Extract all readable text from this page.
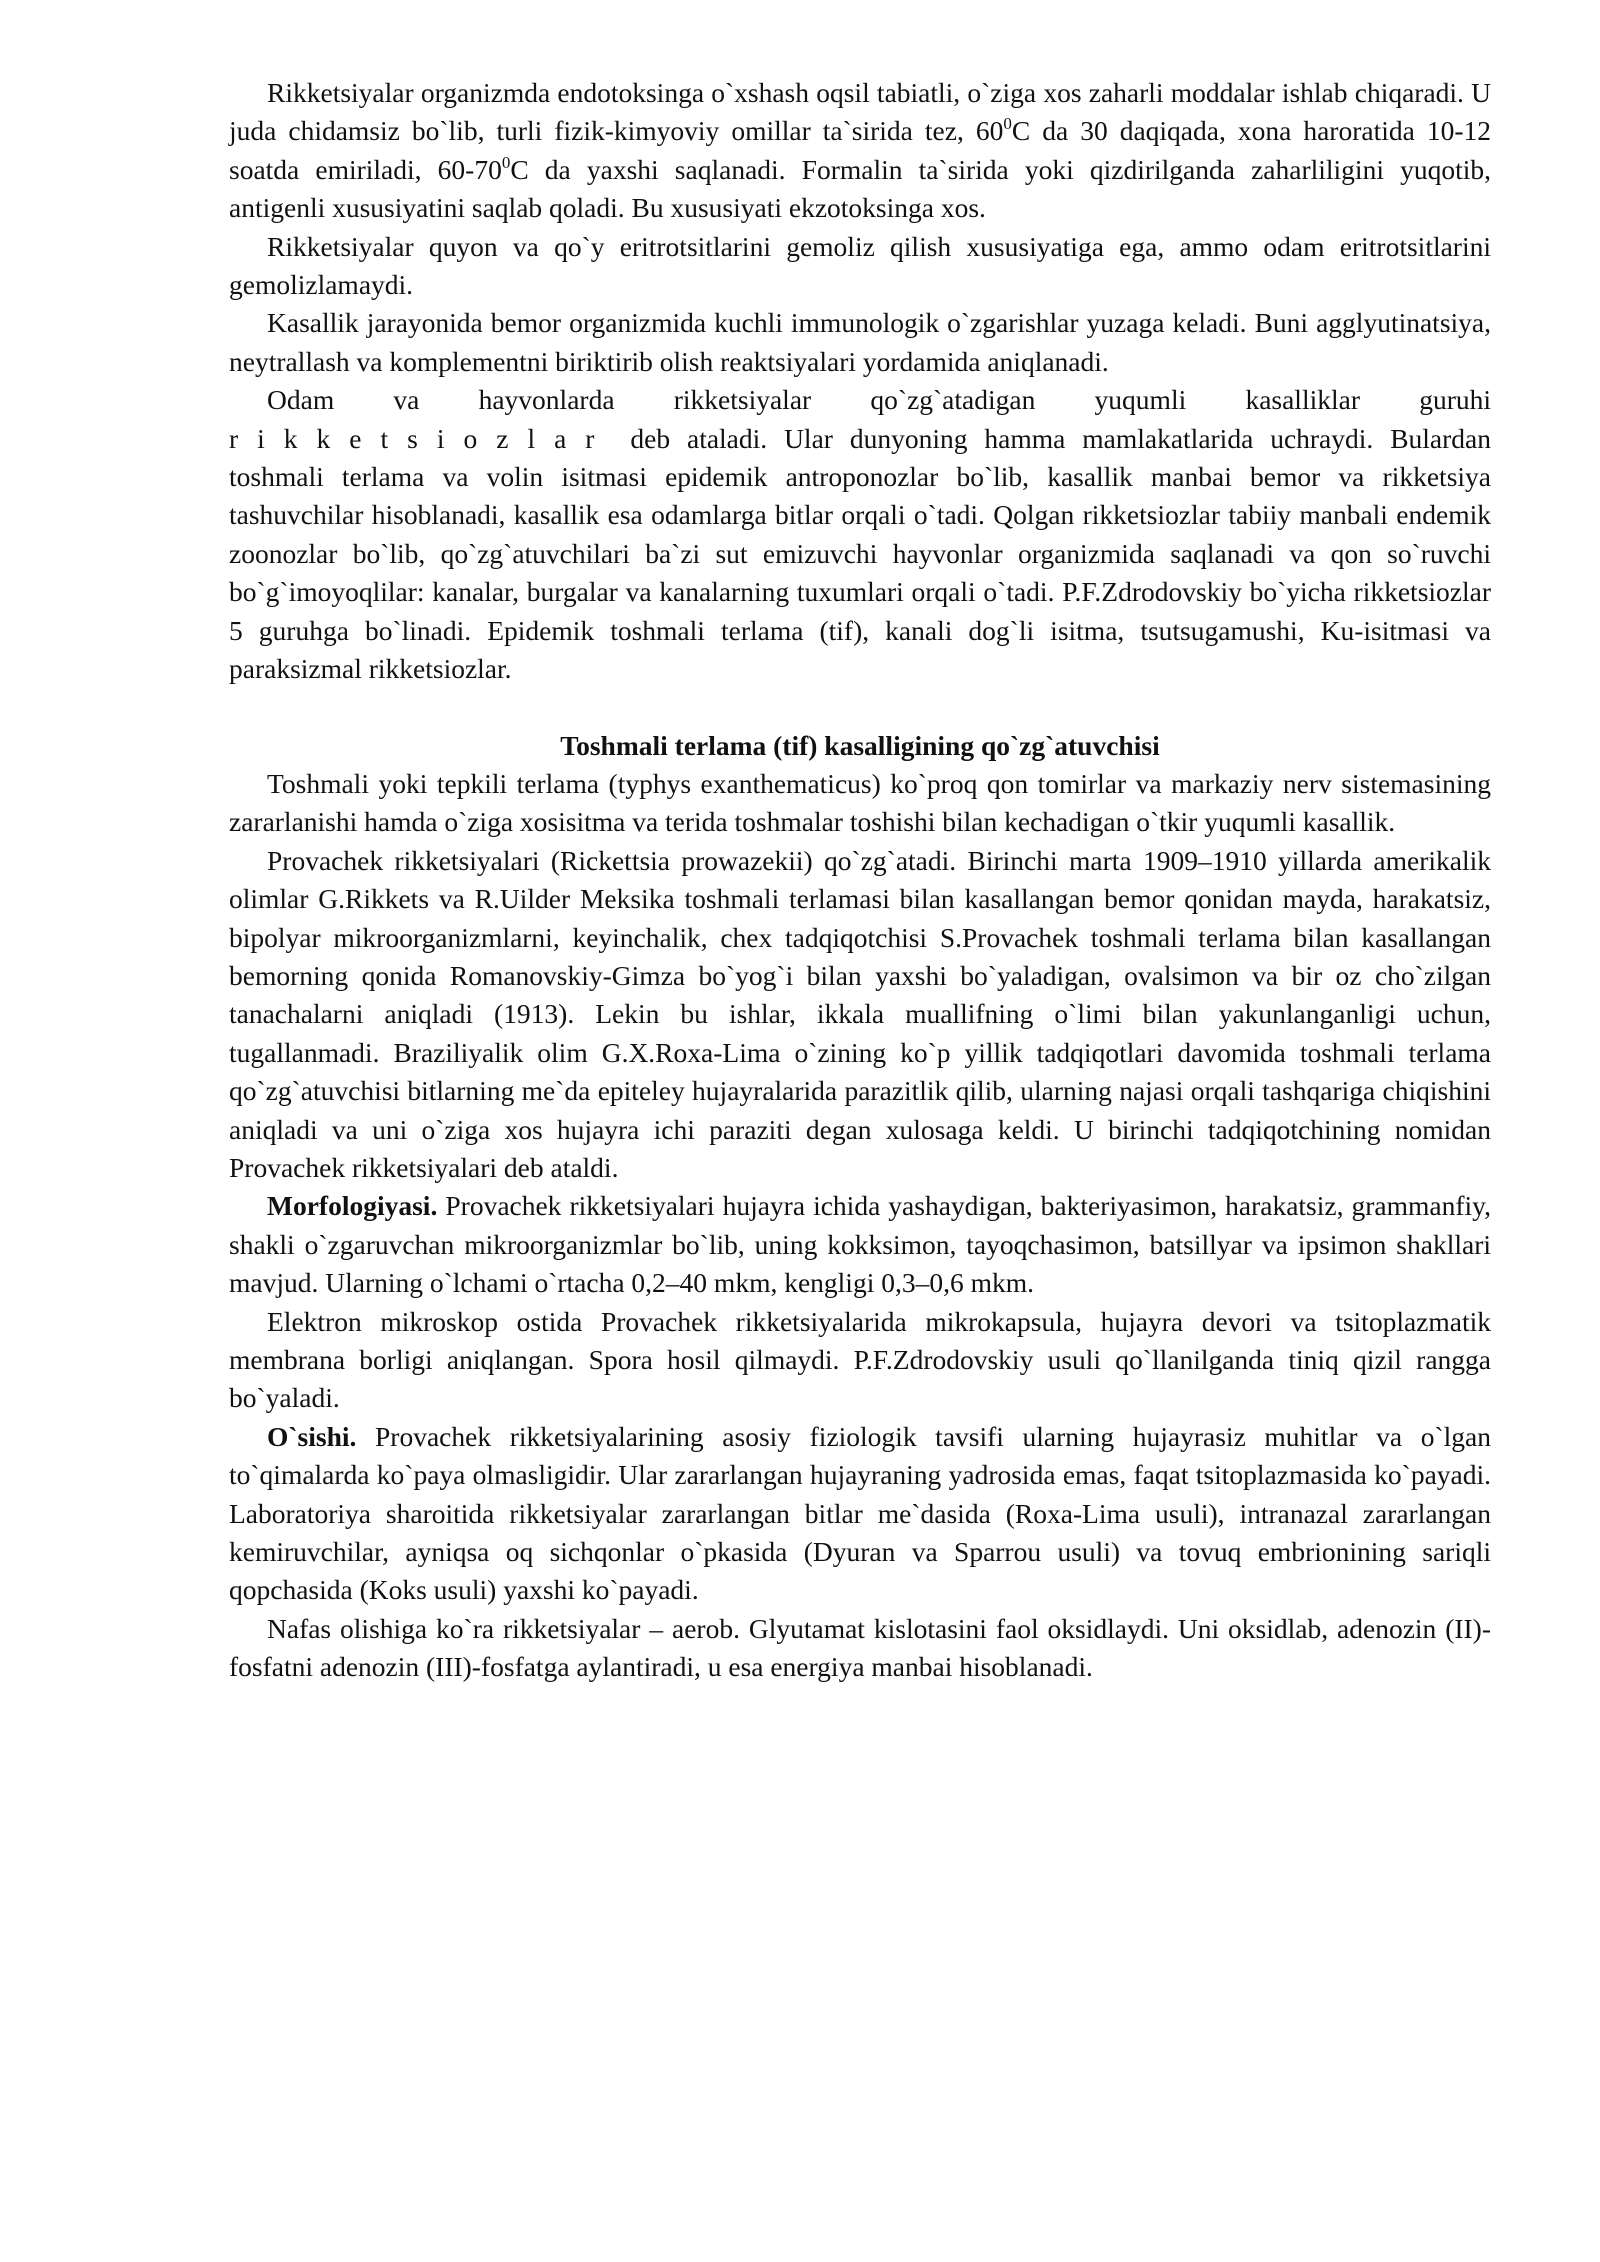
Rikketsiyalar organizmda endotoksinga o`xshash oqsil tabiatli, o`ziga xos zaharli moddalar ishlab chiqaradi. U juda chidamsiz bo`lib, turli fizik-kimyoviy omillar ta`sirida tez, $60^0C$ da 30 daqiqada, xona haroratida 10-12 soatda emiriladi, $60-70^0C$ da yaxshi saqlanadi. Formalin ta`sirida yoki qizdirilganda zaharliligini yuqotib, antigenli xususiyatini saqlab qoladi. Bu xususiyati ekzotoksinga xos.

Rikketsiyalar quyon va qo`y eritrotsitlarini gemoliz qilish xususiyatiga ega, ammo odam eritrotsitlarini gemolizlamaydi.

Kasallik jarayonida bemor organizmida kuchli immunologik o`zgarishlar yuzaga keladi. Buni agglyutinatsiya, neytrallash va komplementni biriktirib olish reaktsiyalari yordamida aniqlanadi.

Odam va hayvonlarda rikketsiyalar qo`zg`atadigan yuqumli kasalliklar guruhi

rikketsiozlar deb ataladi. Ular dunyoning hamma mamlakatlarida uchraydi. Bulardan toshmali terlama va volin isitmasi epidemik antroponozlar bo`lib, kasallik manbai bemor va rikketsiya tashuvchilar hisoblanadi, kasallik esa odamlarga bitlar orqali o`tadi. Qolgan rikketsiozlar tabiiy manbali endemik zoonozlar bo`lib, qo`zg`atuvchilari ba`zi sut emizuvchi hayvonlar organizmida saqlanadi va qon so`ruvchi bo`g`imoyoqlilar: kanalar, burgalar va kanalarning tuxumlari orqali o`tadi. P.F.Zdrodovskiy bo`yicha rikketsiozlar 5 guruhga bo`linadi. Epidemik toshmali terlama (tif), kanali dog`li isitma, tsutsugamushi, Ku-isitmasi va paraksizmal rikketsiozlar.

Toshmali terlama (tif) kasalligining qo`zg`atuvchisi

Toshmali yoki tepkili terlama (typhys exanthematicus) ko`proq qon tomirlar va markaziy nerv sistemasining zararlanishi hamda o`ziga xosisitma va terida toshmalar toshishi bilan kechadigan o`tkir yuqumli kasallik.

Provachek rikketsiyalari (Rickettsia prowazekii) qo`zg`atadi. Birinchi marta 1909–1910 yillarda amerikalik olimlar G.Rikkets va R.Uilder Meksika toshmali terlamasi bilan kasallangan bemor qonidan mayda, harakatsiz, bipolyar mikroorganizmlarni, keyinchalik, chex tadqiqotchisi S.Provachek toshmali terlama bilan kasallangan bemorning qonida Romanovskiy-Gimza bo`yog`i bilan yaxshi bo`yaladigan, ovalsimon va bir oz cho`zilgan tanachalarni aniqladi (1913). Lekin bu ishlar, ikkala muallifning o`limi bilan yakunlanganligi uchun, tugallanmadi. Braziliyalik olim G.X.Roxa-Lima o`zining ko`p yillik tadqiqotlari davomida toshmali terlama qo`zg`atuvchisi bitlarning me`da epiteley hujayralarida parazitlik qilib, ularning najasi orqali tashqariga chiqishini aniqladi va uni o`ziga xos hujayra ichi paraziti degan xulosaga keldi. U birinchi tadqiqotchining nomidan Provachek rikketsiyalari deb ataldi.

Morfologiyasi. Provachek rikketsiyalari hujayra ichida yashaydigan, bakteriyasimon, harakatsiz, grammanfiy, shakli o`zgaruvchan mikroorganizmlar bo`lib, uning kokksimon, tayoqchasimon, batsillyar va ipsimon shakllari mavjud. Ularning o`lchami o`rtacha 0,2–40 mkm, kengligi 0,3–0,6 mkm.

Elektron mikroskop ostida Provachek rikketsiyalarida mikrokapsula, hujayra devori va tsitoplazmatik membrana borligi aniqlangan. Spora hosil qilmaydi. P.F.Zdrodovskiy usuli qo`llanilganda tiniq qizil rangga bo`yaladi.

O`sishi. Provachek rikketsiyalarining asosiy fiziologik tavsifi ularning hujayrasiz muhitlar va o`lgan to`qimalarda ko`paya olmasligidir. Ular zararlangan hujayraning yadrosida emas, faqat tsitoplazmasida ko`payadi. Laboratoriya sharoitida rikketsiyalar zararlangan bitlar me`dasida (Roxa-Lima usuli), intranazal zararlangan kemiruvchilar, ayniqsa oq sichqonlar o`pkasida (Dyuran va Sparrou usuli) va tovuq embrionining sariqli qopchasida (Koks usuli) yaxshi ko`payadi.

Nafas olishiga ko`ra rikketsiyalar – aerob. Glyutamat kislotasini faol oksidlaydi. Uni oksidlab, adenozin (II)-fosfatni adenozin (III)-fosfatga aylantiradi, u esa energiya manbai hisoblanadi.
